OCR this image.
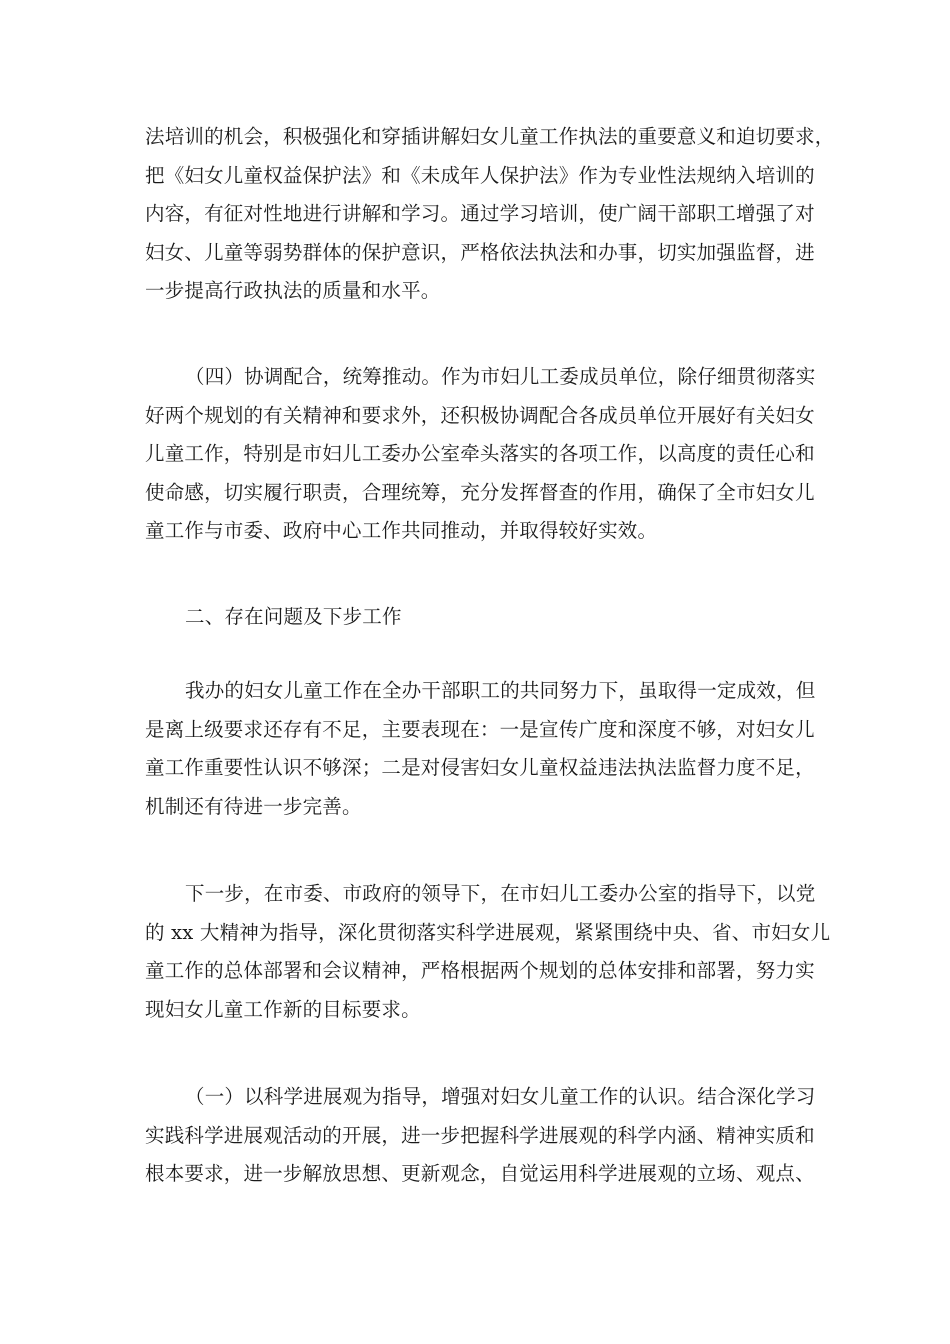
法培训的机会，积极强化和穿插讲解妇女儿童工作执法的重要意义和迫切要求，
把《妇女儿童权益保护法》和《未成年人保护法》作为专业性法规纳入培训的
内容，有征对性地进行讲解和学习。通过学习培训，使广阔干部职工增强了对
妇女、儿童等弱势群体的保护意识，严格依法执法和办事，切实加强监督，进
一步提高行政执法的质量和水平。
（四）协调配合，统筹推动。作为市妇儿工委成员单位，除仔细贯彻落实
好两个规划的有关精神和要求外，还积极协调配合各成员单位开展好有关妇女
儿童工作，特别是市妇儿工委办公室牵头落实的各项工作，以高度的责任心和
使命感，切实履行职责，合理统筹，充分发挥督查的作用，确保了全市妇女儿
童工作与市委、政府中心工作共同推动，并取得较好实效。
二、存在问题及下步工作
我办的妇女儿童工作在全办干部职工的共同努力下，虽取得一定成效，但
是离上级要求还存有不足，主要表现在：一是宣传广度和深度不够，对妇女儿
童工作重要性认识不够深；二是对侵害妇女儿童权益违法执法监督力度不足，
机制还有待进一步完善。
下一步，在市委、市政府的领导下，在市妇儿工委办公室的指导下，以党
的 xx 大精神为指导，深化贯彻落实科学进展观，紧紧围绕中央、省、市妇女儿
童工作的总体部署和会议精神，严格根据两个规划的总体安排和部署，努力实
现妇女儿童工作新的目标要求。
（一）以科学进展观为指导，增强对妇女儿童工作的认识。结合深化学习
实践科学进展观活动的开展，进一步把握科学进展观的科学内涵、精神实质和
根本要求，进一步解放思想、更新观念，自觉运用科学进展观的立场、观点、
